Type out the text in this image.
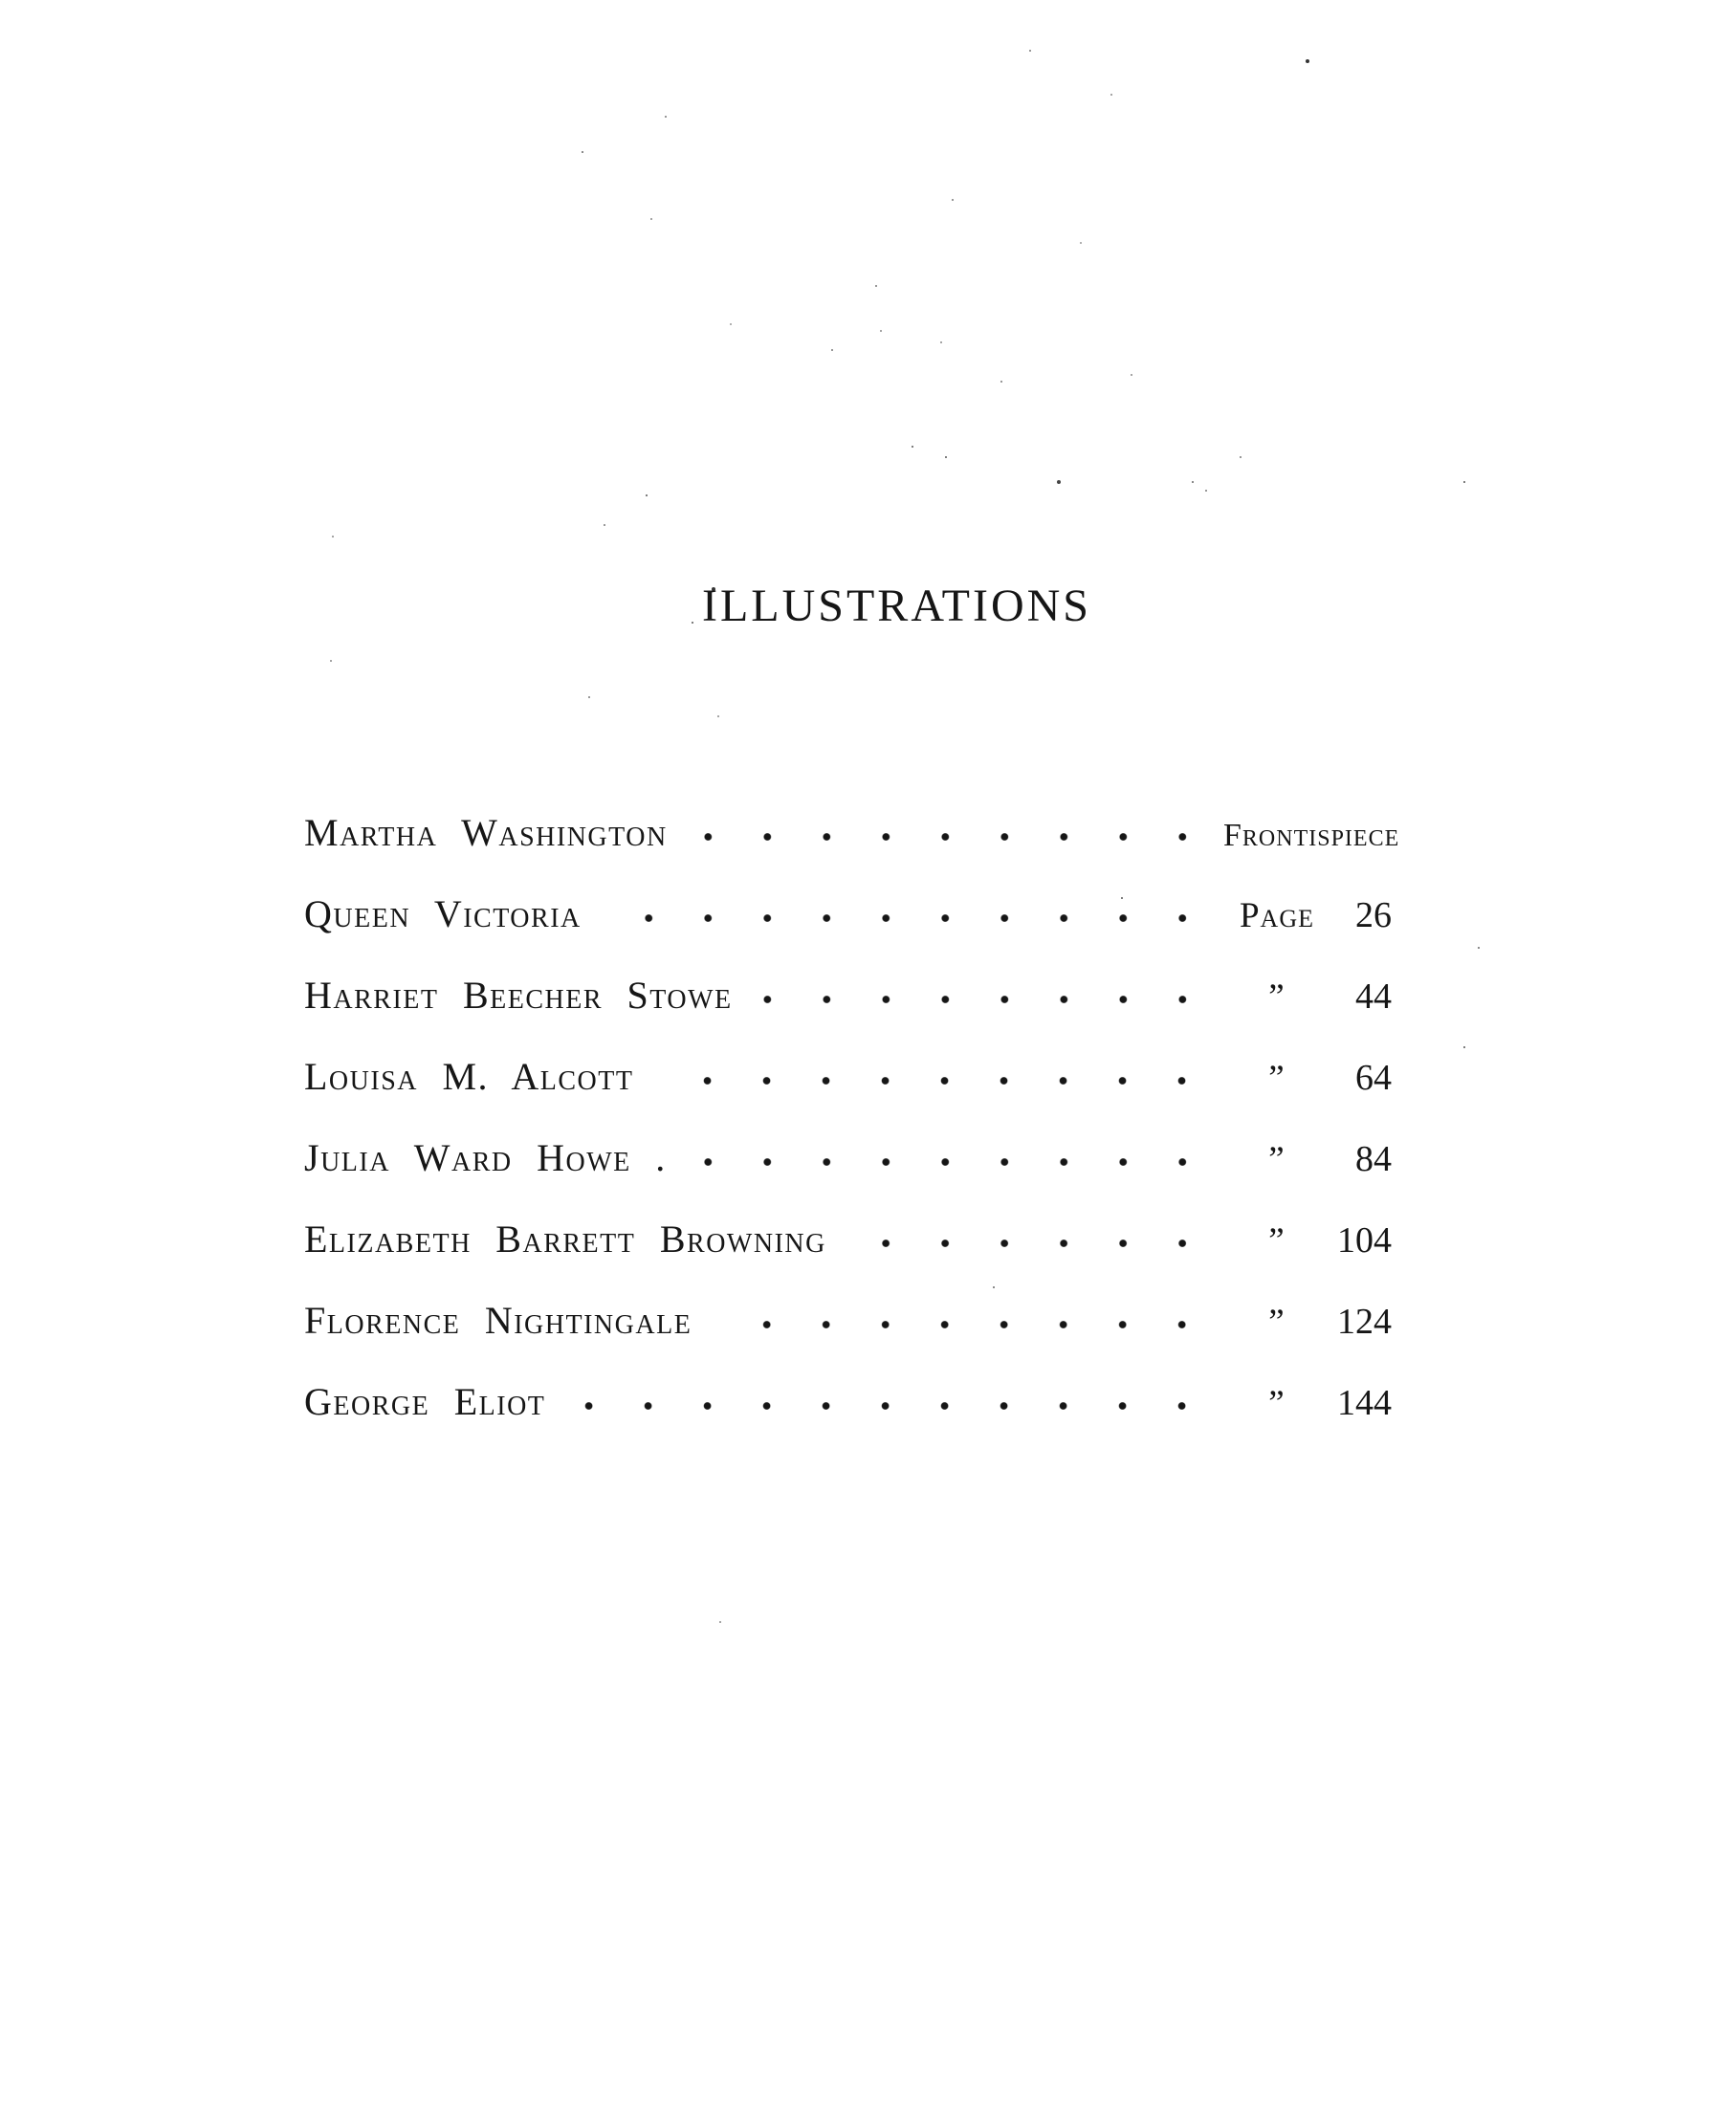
ILLUSTRATIONS
Martha Washington	Frontispiece
Queen Victoria	Page	26
Harriet Beecher Stowe	”	44
Louisa M. Alcott	”	64
Julia Ward Howe .	”	84
Elizabeth Barrett Browning	”	104
Florence Nightingale	”	124
George Eliot	”	144
